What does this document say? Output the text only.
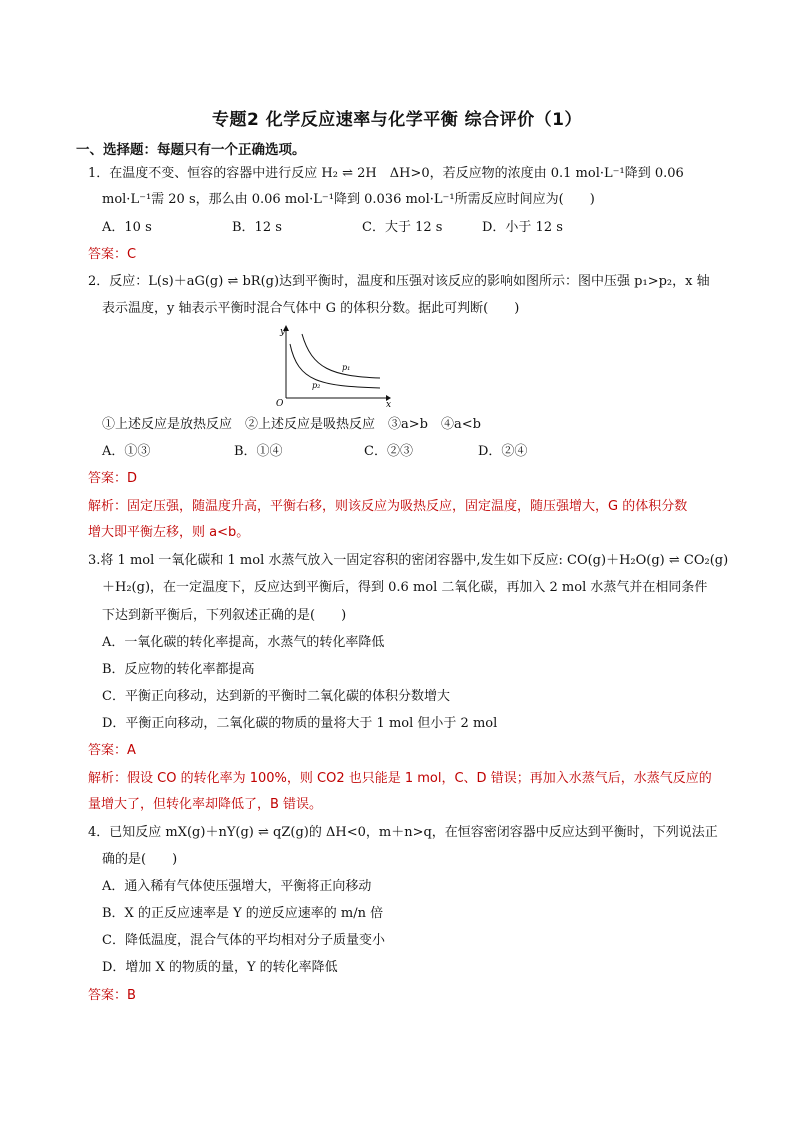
专题2 化学反应速率与化学平衡 综合评价（1）
一、选择题：每题只有一个正确选项。
1．在温度不变、恒容的容器中进行反应 H₂ ⇌ 2H　ΔH>0，若反应物的浓度由 0.1 mol·L⁻¹降到 0.06
mol·L⁻¹需 20 s，那么由 0.06 mol·L⁻¹降到 0.036 mol·L⁻¹所需反应时间应为(　　)
A．10 s	B．12 s	C．大于 12 s	D．小于 12 s
答案：C
2．反应：L(s)＋aG(g) ⇌ bR(g)达到平衡时，温度和压强对该反应的影响如图所示：图中压强 p₁>p₂，x 轴
表示温度，y 轴表示平衡时混合气体中 G 的体积分数。据此可判断(　　)
y
x
O
p₁
p₂
①上述反应是放热反应　②上述反应是吸热反应　③a>b　④a<b
A．①③	B．①④	C．②③	D．②④
答案：D
解析：固定压强，随温度升高，平衡右移，则该反应为吸热反应，固定温度，随压强增大，G 的体积分数
增大即平衡左移，则 a<b。
3.将 1 mol 一氧化碳和 1 mol 水蒸气放入一固定容积的密闭容器中,发生如下反应: CO(g)＋H₂O(g) ⇌ CO₂(g)
＋H₂(g)，在一定温度下，反应达到平衡后，得到 0.6 mol 二氧化碳，再加入 2 mol 水蒸气并在相同条件
下达到新平衡后，下列叙述正确的是(　　)
A．一氧化碳的转化率提高，水蒸气的转化率降低
B．反应物的转化率都提高
C．平衡正向移动，达到新的平衡时二氧化碳的体积分数增大
D．平衡正向移动，二氧化碳的物质的量将大于 1 mol 但小于 2 mol
答案：A
解析：假设 CO 的转化率为 100%，则 CO2 也只能是 1 mol，C、D 错误；再加入水蒸气后，水蒸气反应的
量增大了，但转化率却降低了，B 错误。
4．已知反应 mX(g)＋nY(g) ⇌ qZ(g)的 ΔH<0，m＋n>q，在恒容密闭容器中反应达到平衡时，下列说法正
确的是(　　)
A．通入稀有气体使压强增大，平衡将正向移动
B．X 的正反应速率是 Y 的逆反应速率的 m/n 倍
C．降低温度，混合气体的平均相对分子质量变小
D．增加 X 的物质的量，Y 的转化率降低
答案：B
